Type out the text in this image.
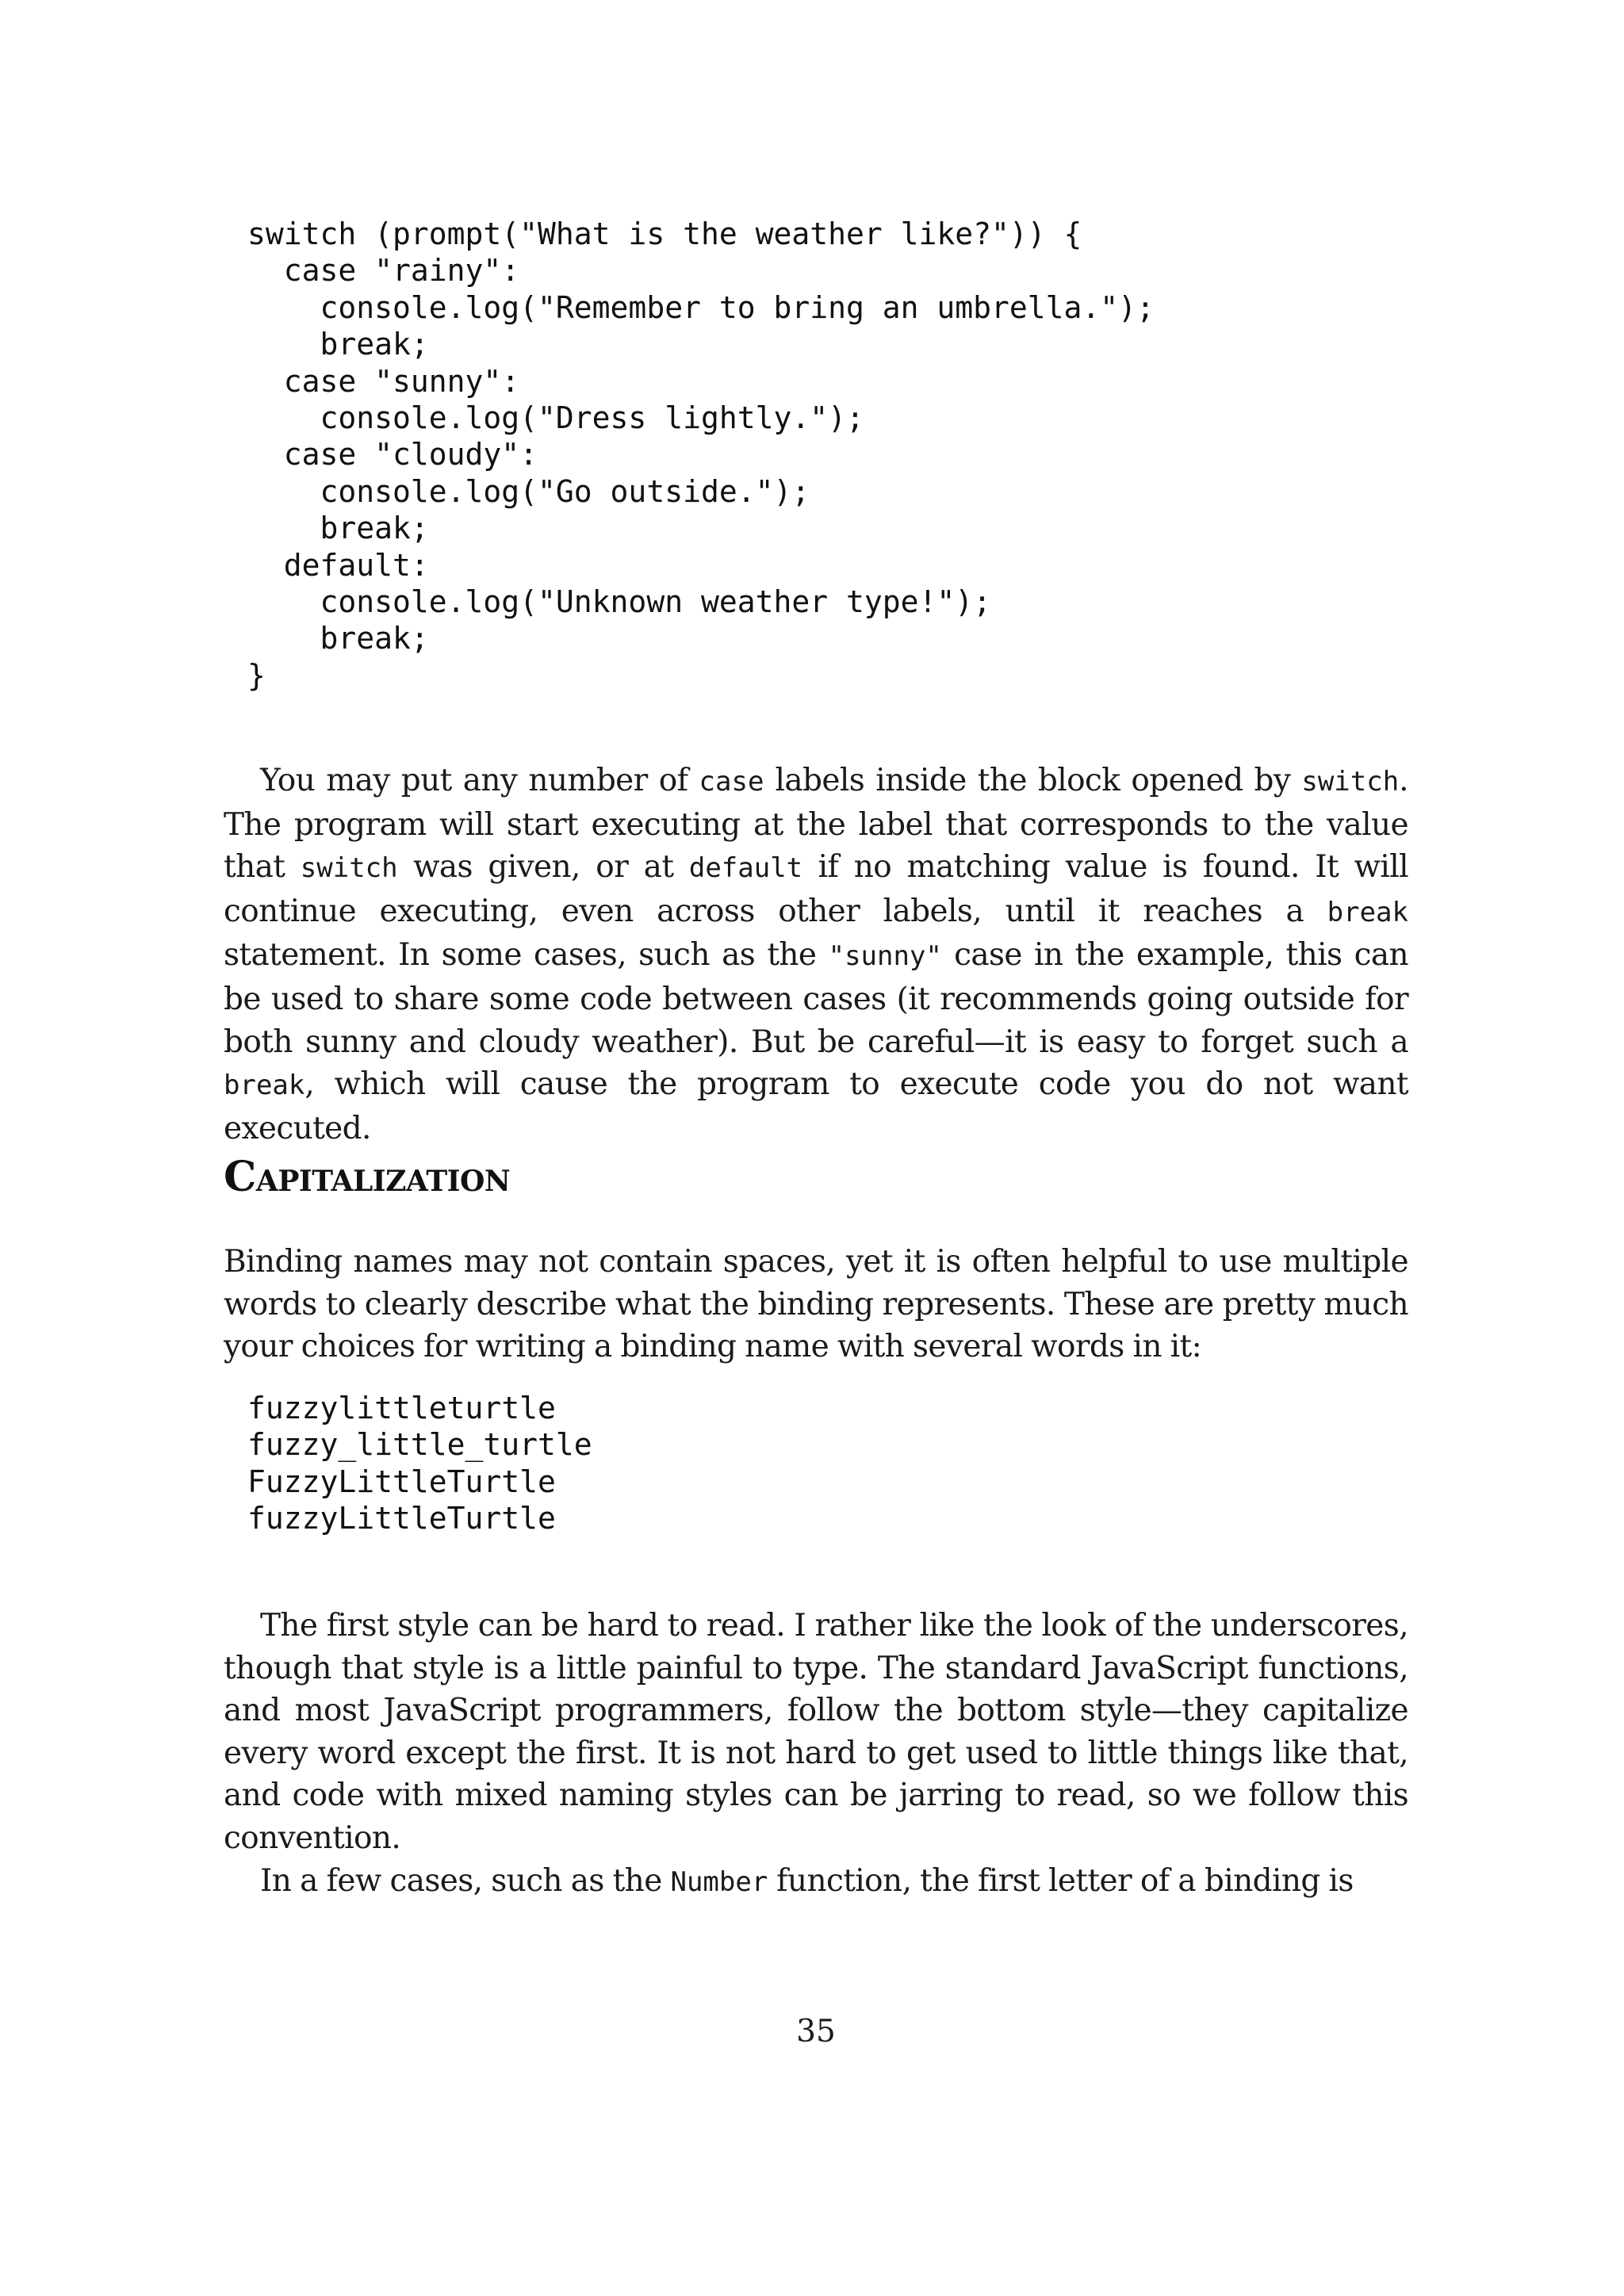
switch (prompt("What is the weather like?")) {
case "rainy":
console.log("Remember to bring an umbrella.");
break;
case "sunny":
console.log("Dress lightly.");
case "cloudy":
console.log("Go outside.");
break;
default:
console.log("Unknown weather type!");
break;
}

You may put any number of case labels inside the block opened by switch. The program will start executing at the label that corresponds to the value that switch was given, or at default if no matching value is found. It will continue executing, even across other labels, until it reaches a break statement. In some cases, such as the "sunny" case in the example, this can be used to share some code between cases (it recommends going outside for both sunny and cloudy weather). But be careful—it is easy to forget such a break, which will cause the program to execute code you do not want executed.

Capitalization

Binding names may not contain spaces, yet it is often helpful to use multiple words to clearly describe what the binding represents. These are pretty much your choices for writing a binding name with several words in it:

fuzzylittleturtle
fuzzy_little_turtle
FuzzyLittleTurtle
fuzzyLittleTurtle

The first style can be hard to read. I rather like the look of the underscores, though that style is a little painful to type. The standard JavaScript functions, and most JavaScript programmers, follow the bottom style—they capitalize every word except the first. It is not hard to get used to little things like that, and code with mixed naming styles can be jarring to read, so we follow this convention.

In a few cases, such as the Number function, the first letter of a binding is

35
